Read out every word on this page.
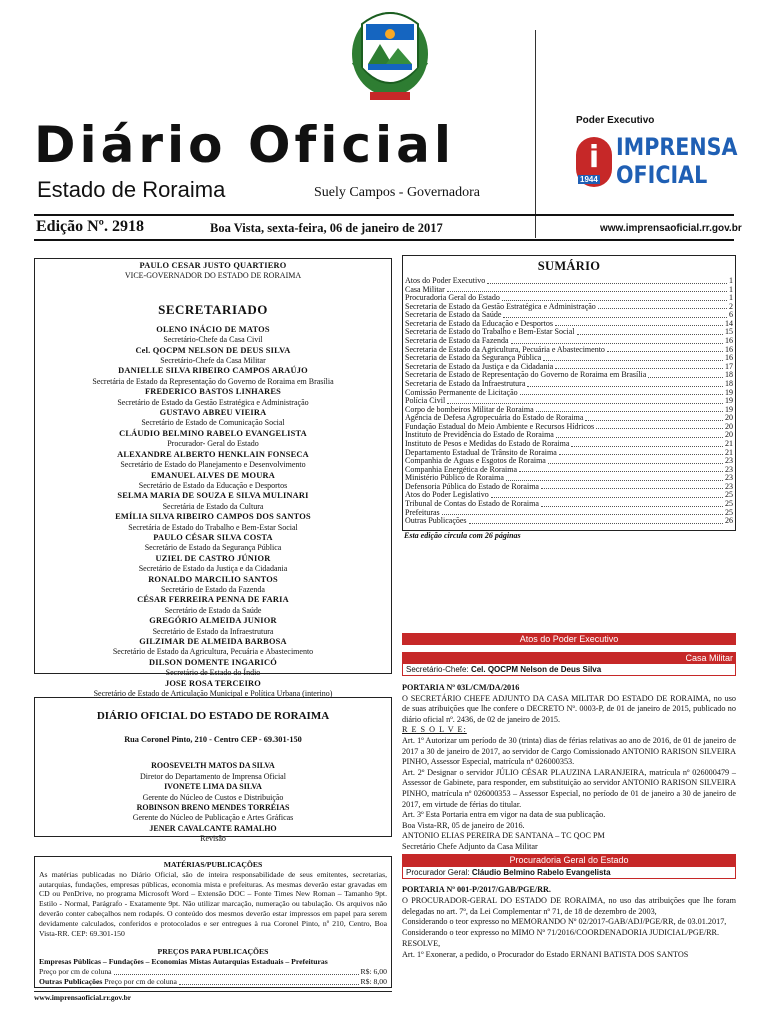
Diário Oficial
Estado de Roraima	Suely Campos - Governadora
Poder Executivo
i
1944
IMPRENSA
OFICIAL
Edição Nº. 2918	Boa Vista, sexta-feira, 06 de janeiro de 2017	www.imprensaoficial.rr.gov.br
PAULO CESAR JUSTO QUARTIERO
VICE-GOVERNADOR DO ESTADO DE RORAIMA
SECRETARIADO
OLENO INÁCIO DE MATOS
Secretário-Chefe da Casa Civil
Cel. QOCPM NELSON DE DEUS SILVA
Secretário-Chefe da Casa Militar
DANIELLE SILVA RIBEIRO CAMPOS ARAÚJO
Secretária de Estado da Representação do Governo de Roraima em Brasília
FREDERICO BASTOS LINHARES
Secretário de Estado da Gestão Estratégica e Administração
GUSTAVO ABREU VIEIRA
Secretário de Estado de Comunicação Social
CLÁUDIO BELMINO RABELO EVANGELISTA
Procurador- Geral do Estado
ALEXANDRE ALBERTO HENKLAIN FONSECA
Secretário de Estado do Planejamento e Desenvolvimento
EMANUEL ALVES DE MOURA
Secretário de Estado da Educação e Desportos
SELMA MARIA DE SOUZA E SILVA MULINARI
Secretária de Estado da Cultura
EMÍLIA SILVA RIBEIRO CAMPOS DOS SANTOS
Secretária de Estado do Trabalho e Bem-Estar Social
PAULO CÉSAR SILVA COSTA
Secretário de Estado da Segurança Pública
UZIEL DE CASTRO JÚNIOR
Secretário de Estado da Justiça e da Cidadania
RONALDO MARCILIO SANTOS
Secretário de Estado da Fazenda
CÉSAR FERREIRA PENNA DE FARIA
Secretário de Estado da Saúde
GREGÓRIO ALMEIDA JUNIOR
Secretário de Estado da Infraestrutura
GILZIMAR DE ALMEIDA BARBOSA
Secretário de Estado da Agricultura, Pecuária e Abastecimento
DILSON DOMENTE INGARICÓ
Secretário de Estado do Índio
JOSE ROSA TERCEIRO
Secretário de Estado de Articulação Municipal e Política Urbana (interino)
DIÁRIO OFICIAL DO ESTADO DE RORAIMA
Rua Coronel Pinto, 210 - Centro CEP - 69.301-150
ROOSEVELTH MATOS DA SILVA
Diretor do Departamento de Imprensa Oficial
IVONETE LIMA DA SILVA
Gerente do Núcleo de Custos e Distribuição
ROBINSON BRENO MENDES TORRÉIAS
Gerente do Núcleo de Publicação e Artes Gráficas
JENER CAVALCANTE RAMALHO
Revisão
MATÉRIAS/PUBLICAÇÕES

As matérias publicadas no Diário Oficial, são de inteira responsabilidade de seus emitentes, secretarias, autarquias, fundações, empresas públicas, economia mista e prefeituras. As mesmas deverão estar gravadas em CD ou PenDrive, no programa Microsoft Word – Extensão DOC – Fonte Times New Roman – Tamanho 9pt. Estilo - Normal, Parágrafo - Exatamente 9pt. Não utilizar marcação, numeração ou tabulação. Os arquivos não deverão conter cabeçalhos nem rodapés. O conteúdo dos mesmos deverão estar impressos em papel para serem devidamente calculados, conferidos e protocolados e ser entregues à rua Coronel Pinto, nº 210, Centro, Boa Vista-RR. CEP: 69.301-150

PREÇOS PARA PUBLICAÇÕES
Empresas Públicas – Fundações – Economias Mistas Autarquias Estaduais – Prefeituras
Preço por cm de coluna	R$: 6,00
Outras Publicações
Preço por cm de coluna	R$: 8,00
www.imprensaoficial.rr.gov.br
SUMÁRIO
Atos do Poder Executivo	1
Casa Militar	1
Procuradoria Geral do Estado	1
Secretaria de Estado da Gestão Estratégica e Administração	2
Secretaria de Estado da Saúde	6
Secretaria de Estado da Educação e Desportos	14
Secretaria de Estado do Trabalho e Bem-Estar Social	15
Secretaria de Estado da Fazenda	16
Secretaria de Estado da Agricultura, Pecuária e Abastecimento	16
Secretaria de Estado da Segurança Pública	16
Secretaria de Estado da Justiça e da Cidadania	17
Secretaria de Estado de Representação do Governo de Roraima em Brasília	18
Secretaria de Estado da Infraestrutura	18
Comissão Permanente de Licitação	19
Polícia Civil	19
Corpo de bombeiros Militar de Roraima	19
Agência de Defesa Agropecuária do Estado de Roraima	20
Fundação Estadual do Meio Ambiente e Recursos Hídricos	20
Instituto de Previdência do Estado de Roraima	20
Instituto de Pesos e Medidas do Estado de Roraima	21
Departamento Estadual de Trânsito de Roraima	21
Companhia de Águas e Esgotos de Roraima	23
Companhia Energética de Roraima	23
Ministério Público de Roraima	23
Defensoria Pública do Estado de Roraima	23
Atos do Poder Legislativo	25
Tribunal de Contas do Estado de Roraima	25
Prefeituras	25
Outras Publicações	26
Esta edição circula com 26 páginas
Atos do Poder Executivo
Casa Militar
Secretário-Chefe: Cel. QOCPM Nelson de Deus Silva
PORTARIA Nº 03L/CM/DA/2016
O SECRETÁRIO CHEFE ADJUNTO DA CASA MILITAR DO ESTADO DE RORAIMA, no uso de suas atribuições que lhe confere o DECRETO Nº. 0003-P, de 01 de janeiro de 2015, publicado no diário oficial nº. 2436, de 02 de janeiro de 2015.
R E S O L V E:
Art. 1º Autorizar um período de 30 (trinta) dias de férias relativas ao ano de 2016, de 01 de janeiro de 2017 a 30 de janeiro de 2017, ao servidor de Cargo Comissionado ANTONIO RARISON SILVEIRA PINHO, Assessor Especial, matrícula nº 026000353.
Art. 2º Designar o servidor JÚLIO CÉSAR PLAUZINA LARANJEIRA, matrícula nº 026000479 – Assessor de Gabinete, para responder, em substituição ao servidor ANTONIO RARISON SILVEIRA PINHO, matrícula nº 026000353 – Assessor Especial, no período de 01 de janeiro a 30 de janeiro de 2017, em virtude de férias do titular.
Art. 3º Esta Portaria entra em vigor na data de sua publicação.
Boa Vista-RR, 05 de janeiro de 2016.
ANTONIO ELIAS PEREIRA DE SANTANA – TC QOC PM
Secretário Chefe Adjunto da Casa Militar
Procuradoria Geral do Estado
Procurador Geral: Cláudio Belmino Rabelo Evangelista
PORTARIA Nº 001-P/2017/GAB/PGE/RR.
O PROCURADOR-GERAL DO ESTADO DE RORAIMA, no uso das atribuições que lhe foram delegadas no art. 7º, da Lei Complementar nº 71, de 18 de dezembro de 2003,
Considerando o teor expresso no MEMORANDO Nº 02/2017-GAB/ADJ/PGE/RR, de 03.01.2017,
Considerando o teor expresso no MIMO Nº 71/2016/COORDENADORIA JUDICIAL/PGE/RR.
RESOLVE,
Art. 1º Exonerar, a pedido, o Procurador do Estado ERNANI BATISTA DOS SANTOS
